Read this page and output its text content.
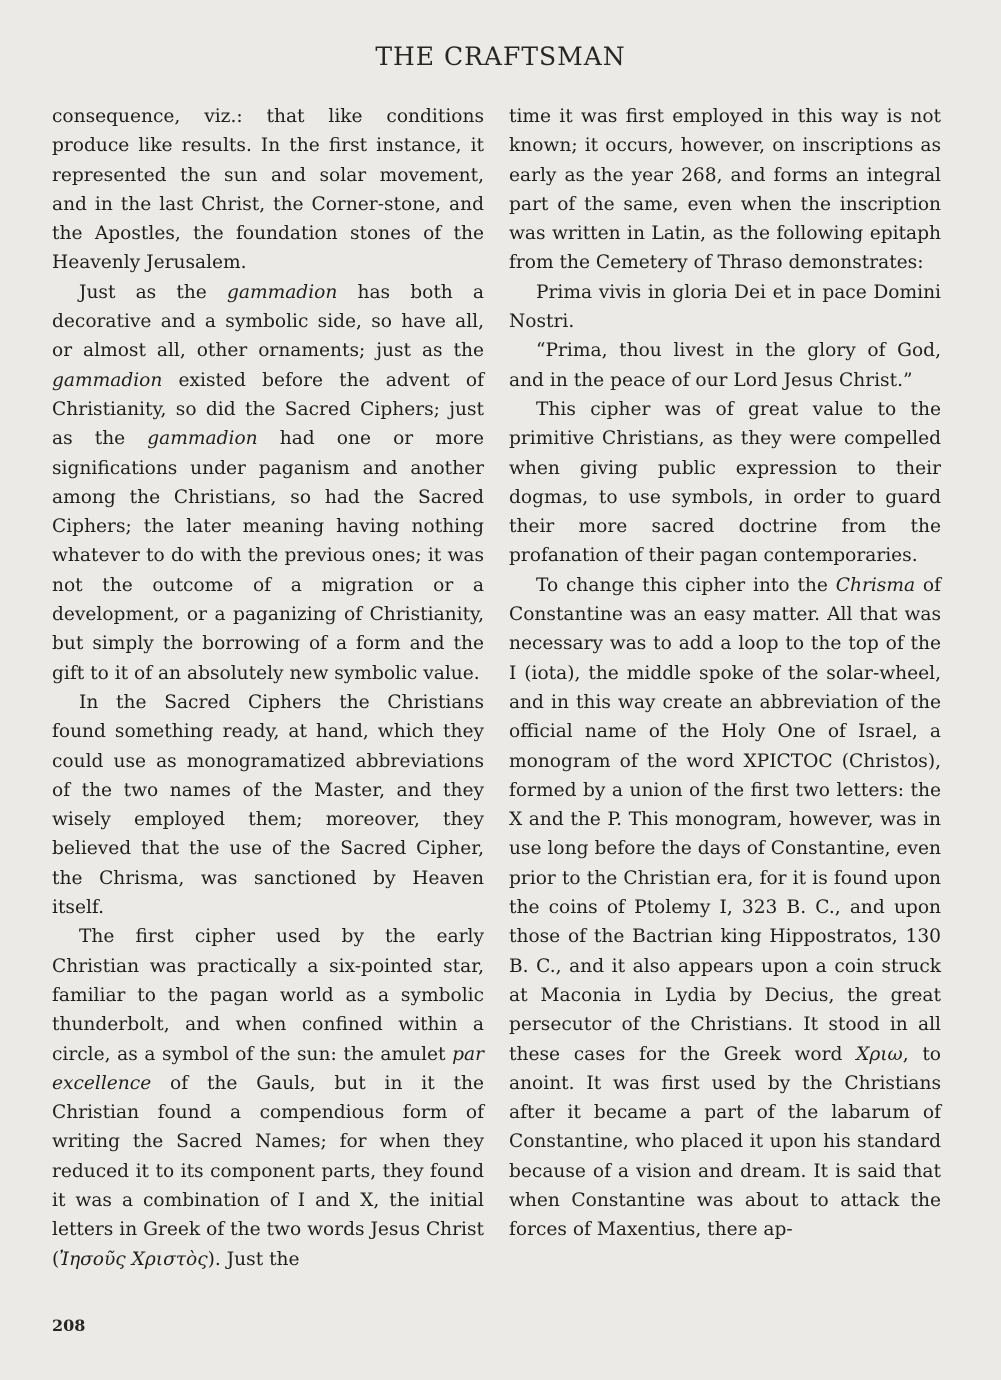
THE CRAFTSMAN

consequence, viz.: that like conditions produce like results. In the first instance, it represented the sun and solar movement, and in the last Christ, the Corner-stone, and the Apostles, the foundation stones of the Heavenly Jerusalem.

Just as the gammadion has both a decorative and a symbolic side, so have all, or almost all, other ornaments; just as the gammadion existed before the advent of Christianity, so did the Sacred Ciphers; just as the gammadion had one or more significations under paganism and another among the Christians, so had the Sacred Ciphers; the later meaning having nothing whatever to do with the previous ones; it was not the outcome of a migration or a development, or a paganizing of Christianity, but simply the borrowing of a form and the gift to it of an absolutely new symbolic value.

In the Sacred Ciphers the Christians found something ready, at hand, which they could use as monogramatized abbreviations of the two names of the Master, and they wisely employed them; moreover, they believed that the use of the Sacred Cipher, the Chrisma, was sanctioned by Heaven itself.

The first cipher used by the early Christian was practically a six-pointed star, familiar to the pagan world as a symbolic thunderbolt, and when confined within a circle, as a symbol of the sun: the amulet par excellence of the Gauls, but in it the Christian found a compendious form of writing the Sacred Names; for when they reduced it to its component parts, they found it was a combination of I and X, the initial letters in Greek of the two words Jesus Christ (Ἰησοῦς Χριστὸς). Just the

time it was first employed in this way is not known; it occurs, however, on inscriptions as early as the year 268, and forms an integral part of the same, even when the inscription was written in Latin, as the following epitaph from the Cemetery of Thraso demonstrates:

Prima vivis in gloria Dei et in pace Domini Nostri.

“Prima, thou livest in the glory of God, and in the peace of our Lord Jesus Christ.”

This cipher was of great value to the primitive Christians, as they were compelled when giving public expression to their dogmas, to use symbols, in order to guard their more sacred doctrine from the profanation of their pagan contemporaries.

To change this cipher into the Chrisma of Constantine was an easy matter. All that was necessary was to add a loop to the top of the I (iota), the middle spoke of the solar-wheel, and in this way create an abbreviation of the official name of the Holy One of Israel, a monogram of the word XPICTOC (Christos), formed by a union of the first two letters: the X and the P. This monogram, however, was in use long before the days of Constantine, even prior to the Christian era, for it is found upon the coins of Ptolemy I, 323 B. C., and upon those of the Bactrian king Hippostratos, 130 B. C., and it also appears upon a coin struck at Maconia in Lydia by Decius, the great persecutor of the Christians. It stood in all these cases for the Greek word Χριω, to anoint. It was first used by the Christians after it became a part of the labarum of Constantine, who placed it upon his standard because of a vision and dream. It is said that when Constantine was about to attack the forces of Maxentius, there ap-

208
